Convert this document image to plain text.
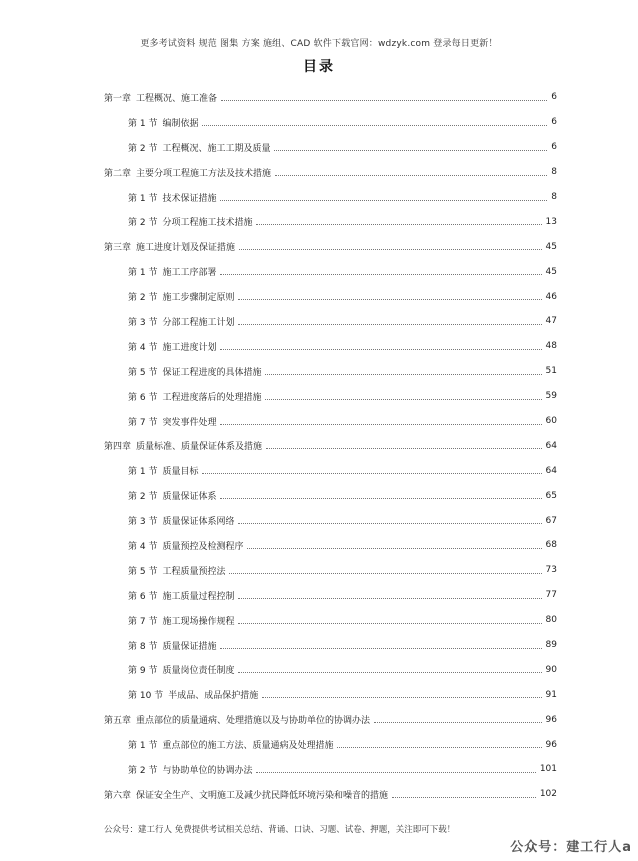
更多考试资料 规范 图集 方案 施组、CAD 软件下载官网：wdzyk.com 登录每日更新！
目录
第一章 工程概况、施工准备	6
第 1 节 编制依据	6
第 2 节 工程概况、施工工期及质量	6
第二章 主要分项工程施工方法及技术措施	8
第 1 节 技术保证措施	8
第 2 节 分项工程施工技术措施	13
第三章 施工进度计划及保证措施	45
第 1 节 施工工序部署	45
第 2 节 施工步骤制定原则	46
第 3 节 分部工程施工计划	47
第 4 节 施工进度计划	48
第 5 节 保证工程进度的具体措施	51
第 6 节 工程进度落后的处理措施	59
第 7 节 突发事件处理	60
第四章 质量标准、质量保证体系及措施	64
第 1 节 质量目标	64
第 2 节 质量保证体系	65
第 3 节 质量保证体系网络	67
第 4 节 质量预控及检测程序	68
第 5 节 工程质量预控法	73
第 6 节 施工质量过程控制	77
第 7 节 施工现场操作规程	80
第 8 节 质量保证措施	89
第 9 节 质量岗位责任制度	90
第 10 节 半成品、成品保护措施	91
第五章 重点部位的质量通病、处理措施以及与协助单位的协调办法	96
第 1 节 重点部位的施工方法、质量通病及处理措施	96
第 2 节 与协助单位的协调办法	101
第六章 保证安全生产、文明施工及减少扰民降低环境污染和噪音的措施	102
公众号：建工行人 免费提供考试相关总结、背诵、口诀、习题、试卷、押题，关注即可下载！
公众号：建工行人a
